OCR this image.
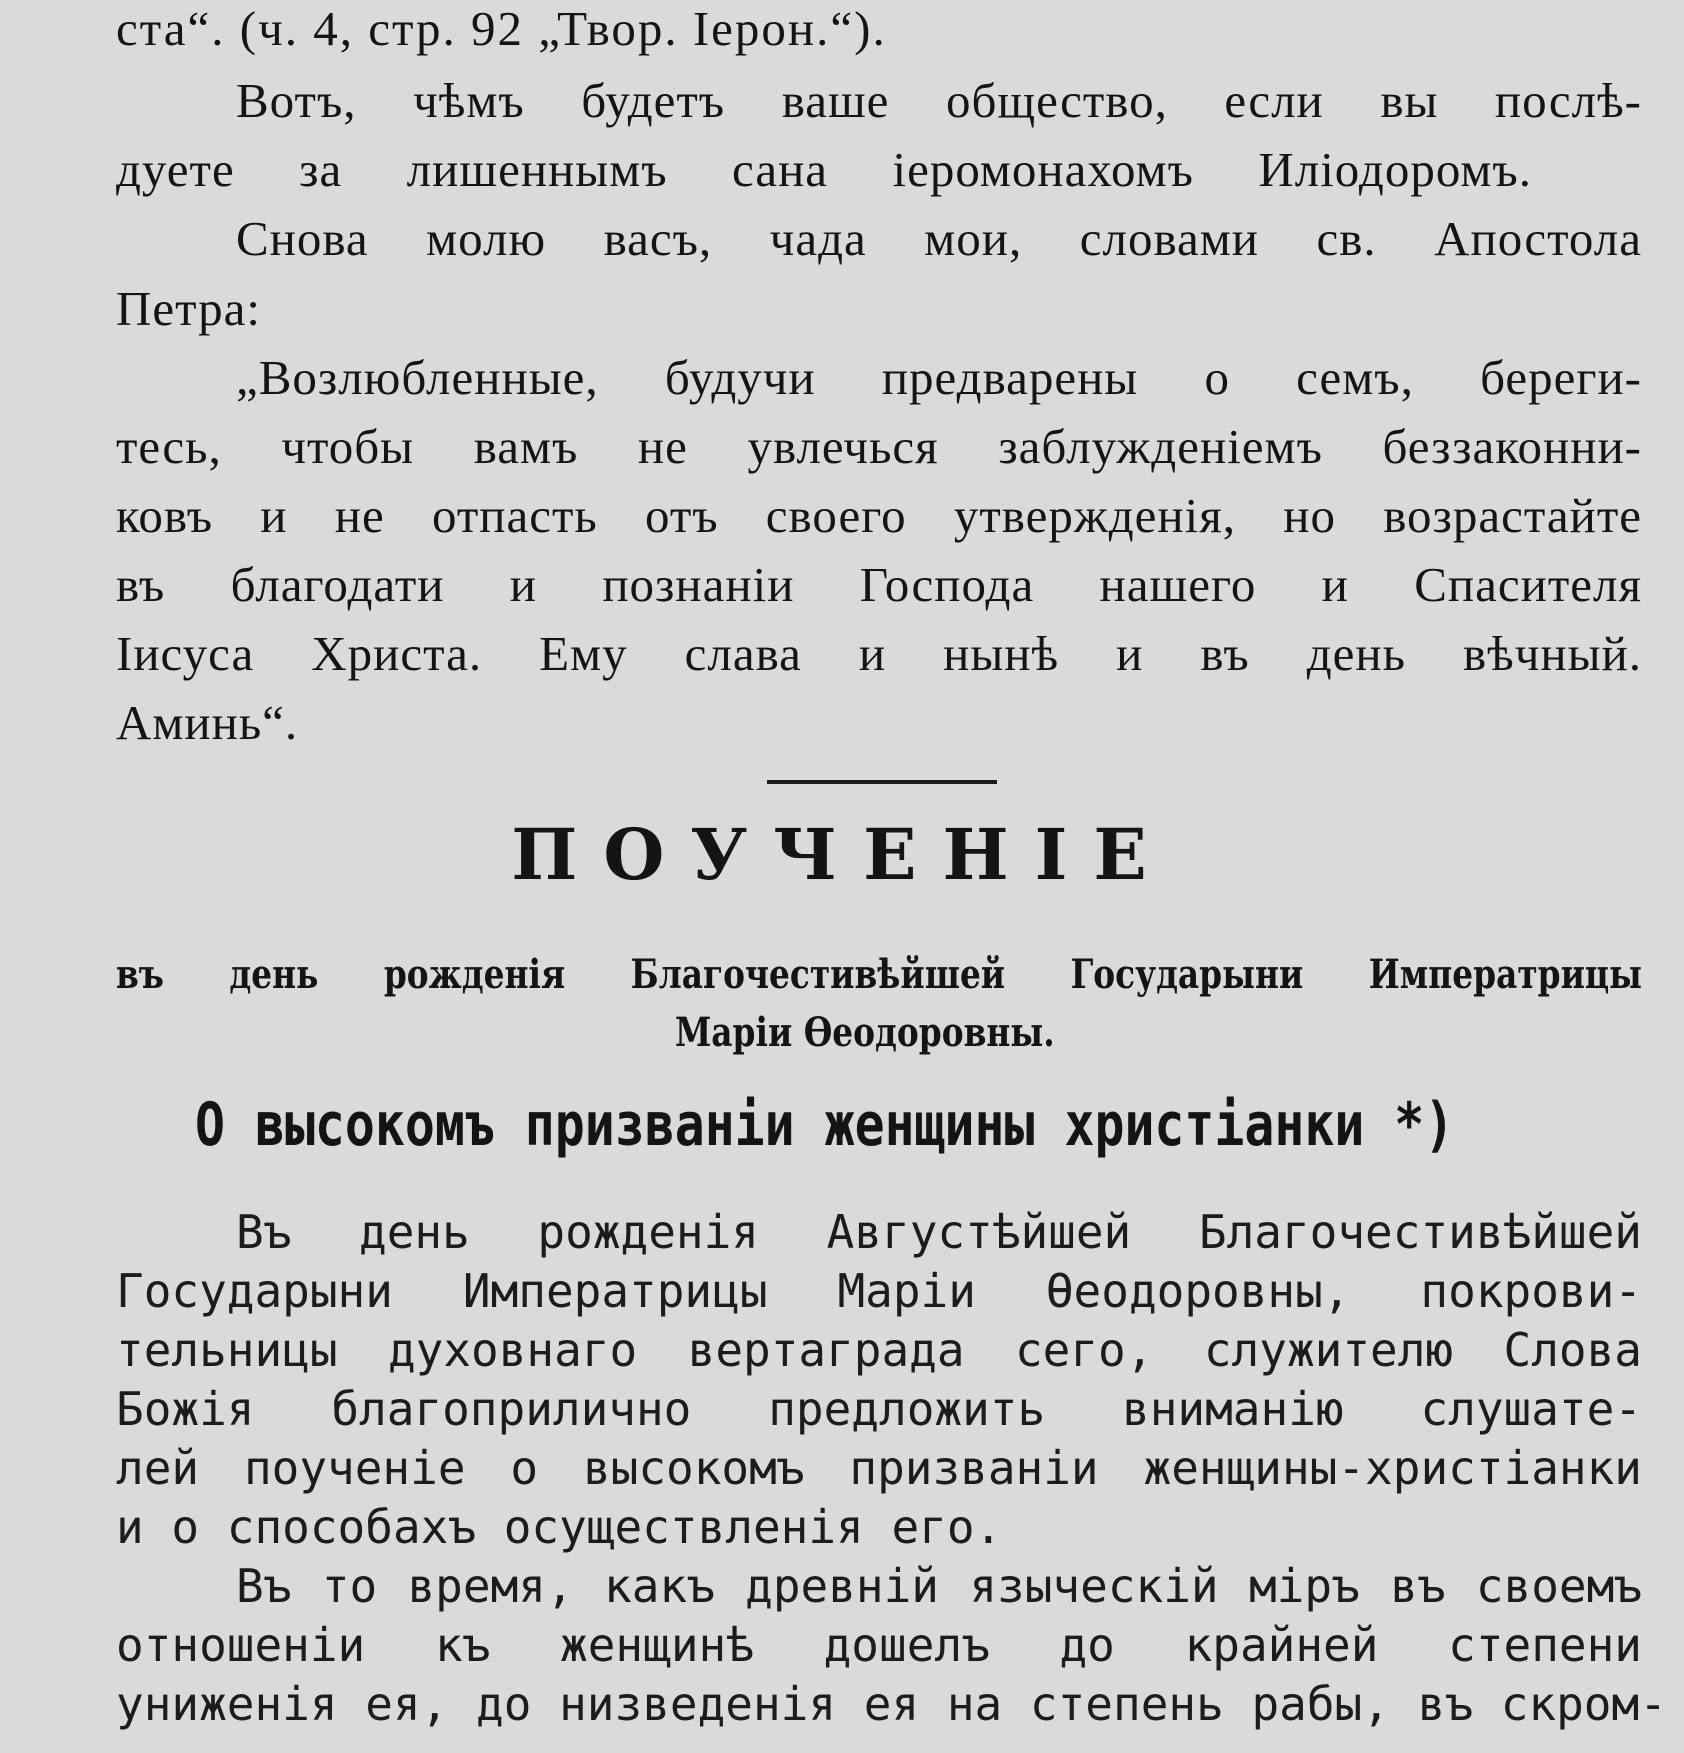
ста“. (ч. 4, стр. 92 „Твор. Іерон.“).
Вотъ, чѣмъ будетъ ваше общество, если вы послѣ-
дуете за лишеннымъ сана іеромонахомъ Иліодоромъ.
Снова молю васъ, чада мои, словами св. Апостола
Петра:
„Возлюбленные, будучи предварены о семъ, береги-
тесь, чтобы вамъ не увлечься заблужденіемъ беззаконни-
ковъ и не отпасть отъ своего утвержденія, но возрастайте
въ благодати и познаніи Господа нашего и Спасителя
Іисуса Христа. Ему слава и нынѣ и въ день вѣчный.
Аминь“.
ПОУЧЕНІЕ
въ день рожденія Благочестивѣйшей Государыни Императрицы
Маріи Ѳеодоровны.
О высокомъ призваніи женщины христіанки *)
Въ день рожденія Августѣйшей Благочестивѣйшей
Государыни Императрицы Маріи Ѳеодоровны, покрови-
тельницы духовнаго вертаграда сего, служителю Слова
Божія благоприлично предложить вниманію слушате-
лей поученіе о высокомъ призваніи женщины-христіанки
и о способахъ осуществленія его.
Въ то время, какъ древній языческій міръ въ своемъ
отношеніи къ женщинѣ дошелъ до крайней степени
униженія ея, до низведенія ея на степень рабы, въ скром-
